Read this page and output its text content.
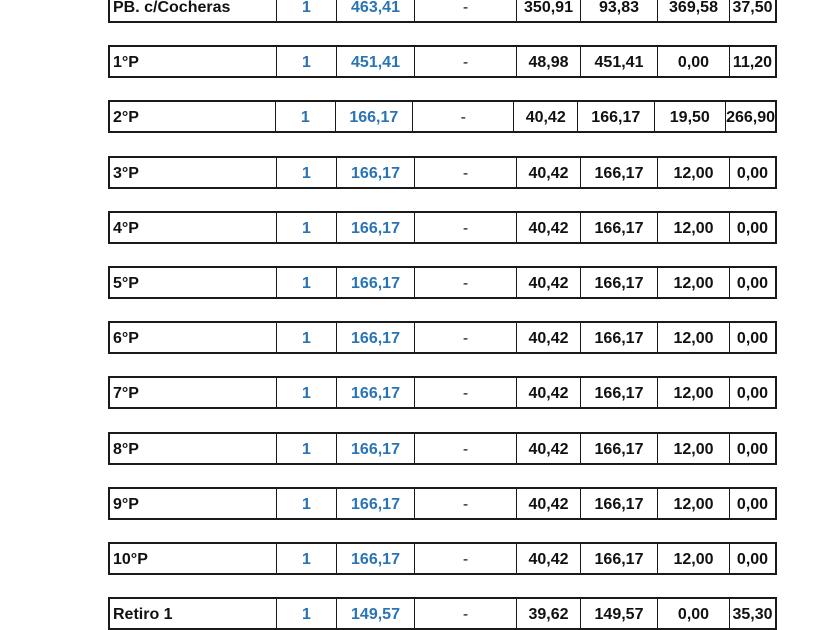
PB. c/Cocheras	1	463,41	-	350,91	93,83	369,58 37,50
1°P	1	451,41	-	48,98	451,41	0,00	11,20
2°P	1	166,17	-	40,42	166,17	19,50	266,90
3°P	1	166,17	-	40,42	166,17	12,00	0,00
4°P	1	166,17	-	40,42	166,17	12,00	0,00
5°P	1	166,17	-	40,42	166,17	12,00	0,00
6°P	1	166,17	-	40,42	166,17	12,00	0,00
7°P	1	166,17	-	40,42	166,17	12,00	0,00
8°P	1	166,17	-	40,42	166,17	12,00	0,00
9°P	1	166,17	-	40,42	166,17	12,00	0,00
10°P	1	166,17	-	40,42	166,17	12,00	0,00
Retiro 1	1	149,57	-	39,62	149,57	0,00	35,30
